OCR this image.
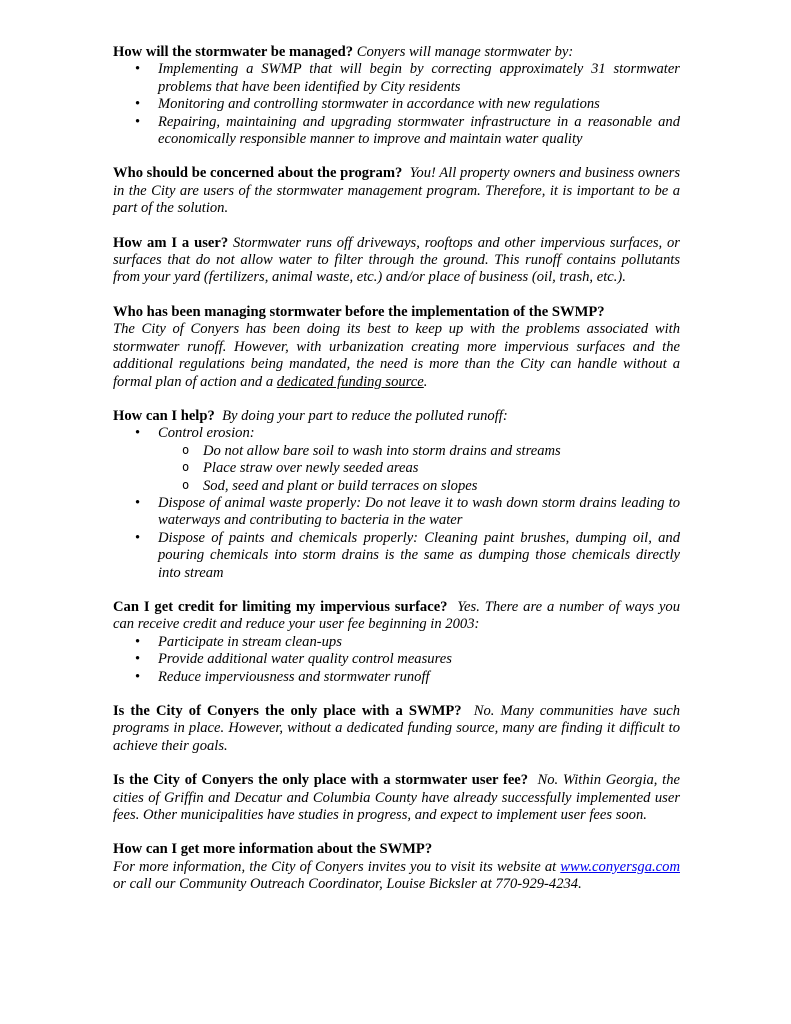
How will the stormwater be managed? Conyers will manage stormwater by:

• Implementing a SWMP that will begin by correcting approximately 31 stormwater problems that have been identified by City residents
• Monitoring and controlling stormwater in accordance with new regulations
• Repairing, maintaining and upgrading stormwater infrastructure in a reasonable and economically responsible manner to improve and maintain water quality

Who should be concerned about the program? You! All property owners and business owners in the City are users of the stormwater management program. Therefore, it is important to be a part of the solution.

How am I a user? Stormwater runs off driveways, rooftops and other impervious surfaces, or surfaces that do not allow water to filter through the ground. This runoff contains pollutants from your yard (fertilizers, animal waste, etc.) and/or place of business (oil, trash, etc.).

Who has been managing stormwater before the implementation of the SWMP?

The City of Conyers has been doing its best to keep up with the problems associated with stormwater runoff. However, with urbanization creating more impervious surfaces and the additional regulations being mandated, the need is more than the City can handle without a formal plan of action and a dedicated funding source.

How can I help? By doing your part to reduce the polluted runoff:

• Control erosion:
o Do not allow bare soil to wash into storm drains and streams
o Place straw over newly seeded areas
o Sod, seed and plant or build terraces on slopes
• Dispose of animal waste properly: Do not leave it to wash down storm drains leading to waterways and contributing to bacteria in the water
• Dispose of paints and chemicals properly: Cleaning paint brushes, dumping oil, and pouring chemicals into storm drains is the same as dumping those chemicals directly into stream

Can I get credit for limiting my impervious surface? Yes. There are a number of ways you can receive credit and reduce your user fee beginning in 2003:

• Participate in stream clean-ups
• Provide additional water quality control measures
• Reduce imperviousness and stormwater runoff

Is the City of Conyers the only place with a SWMP? No. Many communities have such programs in place. However, without a dedicated funding source, many are finding it difficult to achieve their goals.

Is the City of Conyers the only place with a stormwater user fee? No. Within Georgia, the cities of Griffin and Decatur and Columbia County have already successfully implemented user fees. Other municipalities have studies in progress, and expect to implement user fees soon.

How can I get more information about the SWMP?

For more information, the City of Conyers invites you to visit its website at www.conyersga.com or call our Community Outreach Coordinator, Louise Bicksler at 770-929-4234.
